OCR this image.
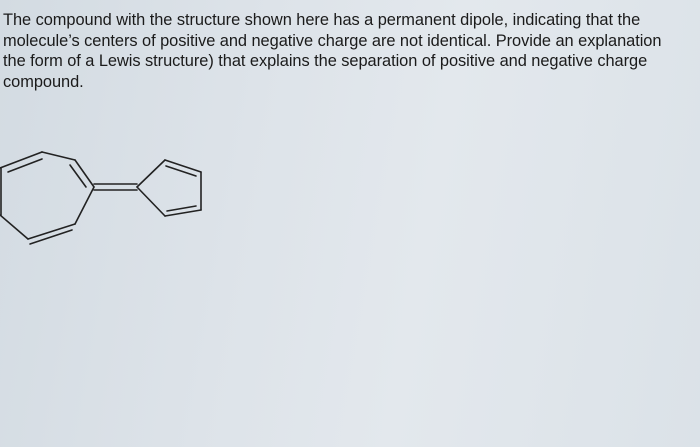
The compound with the structure shown here has a permanent dipole, indicating that the
molecule’s centers of positive and negative charge are not identical. Provide an explanation
the form of a Lewis structure) that explains the separation of positive and negative charge
compound.
